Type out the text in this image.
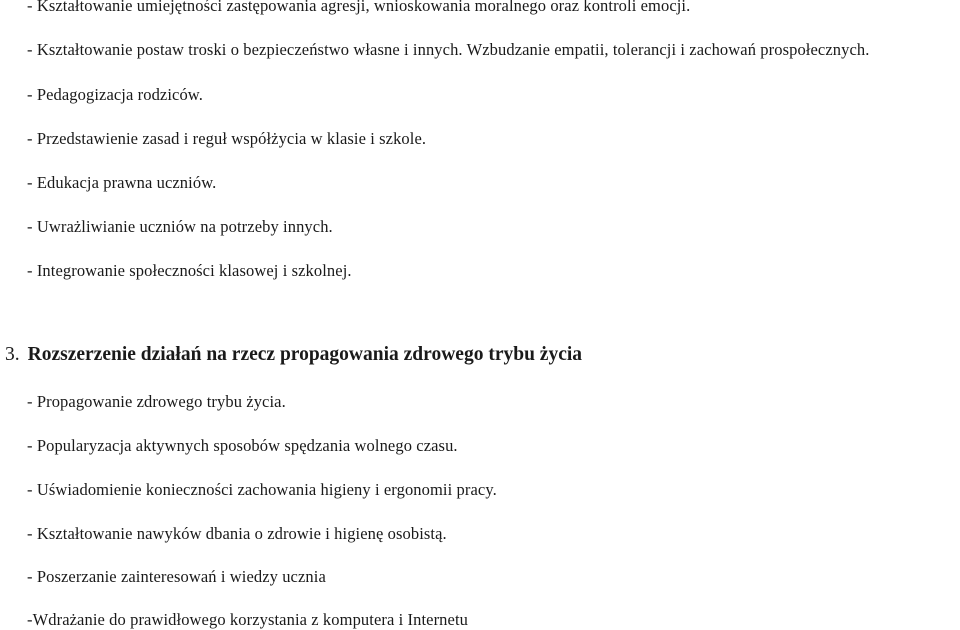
- Kształtowanie umiejętności zastępowania agresji, wnioskowania moralnego oraz kontroli emocji.
- Kształtowanie postaw troski o bezpieczeństwo własne i innych. Wzbudzanie empatii, tolerancji i zachowań prospołecznych.
- Pedagogizacja rodziców.
- Przedstawienie zasad i reguł współżycia w klasie i szkole.
- Edukacja prawna uczniów.
- Uwrażliwianie uczniów na potrzeby innych.
- Integrowanie społeczności klasowej i szkolnej.
3. Rozszerzenie działań na rzecz propagowania zdrowego trybu życia
- Propagowanie zdrowego trybu życia.
- Popularyzacja aktywnych sposobów spędzania wolnego czasu.
- Uświadomienie konieczności zachowania higieny i ergonomii pracy.
- Kształtowanie nawyków dbania o zdrowie i higienę osobistą.
- Poszerzanie zainteresowań i wiedzy ucznia
-Wdrażanie do prawidłowego korzystania z komputera i Internetu
